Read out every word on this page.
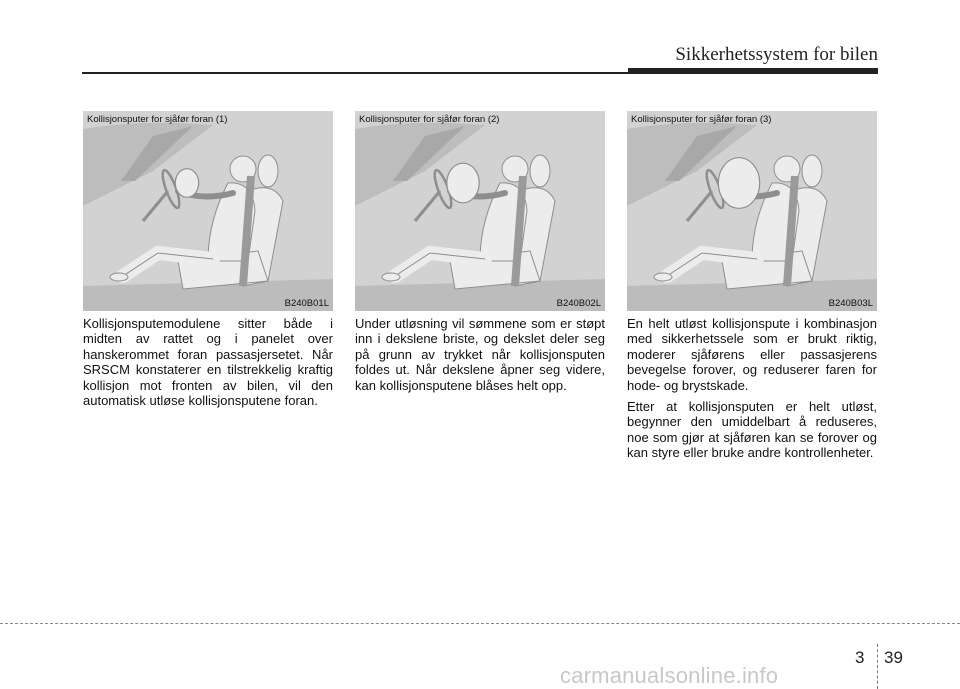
Sikkerhetssystem for bilen
Kollisjonsputer for sjåfør foran (1)
B240B01L
Kollisjonsputer for sjåfør foran (2)
B240B02L
Kollisjonsputer for sjåfør foran (3)
B240B03L

Kollisjonsputemodulene sitter både i midten av rattet og i panelet over hanskerommet foran passasjersetet. Når SRSCM konstaterer en tilstrekkelig kraftig kollisjon mot fronten av bilen, vil den automatisk utløse kollisjonsputene foran.

Under utløsning vil sømmene som er støpt inn i dekslene briste, og dekslet deler seg på grunn av trykket når kollisjonsputen foldes ut. Når dekslene åpner seg videre, kan kollisjonsputene blåses helt opp.

En helt utløst kollisjonspute i kombinasjon med sikkerhetssele som er brukt riktig, moderer sjåførens eller passasjerens bevegelse forover, og reduserer faren for hode- og brystskade.

Etter at kollisjonsputen er helt utløst, begynner den umiddelbart å reduseres, noe som gjør at sjåføren kan se forover og kan styre eller bruke andre kontrollenheter.

3 39
carmanualsonline.info
